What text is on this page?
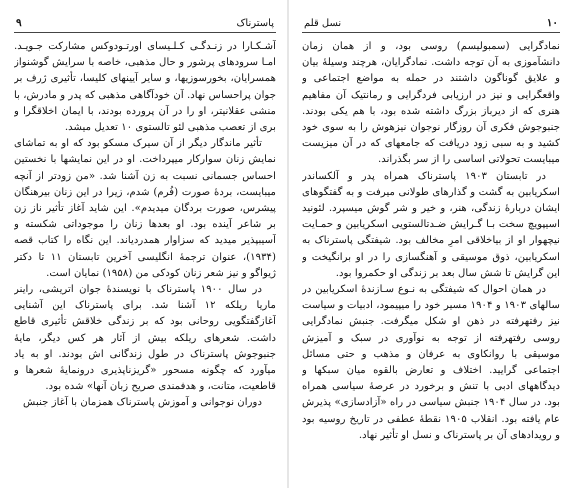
پاسترناک
۹

آشـکـارا در زنـدگـی کـلـیسای اورتـودوکس مشارکت جـویـد. امـا سرودهای پرشور و حال مذهبی، خاصه با سرایش گوشنواز همسرایان، بخورسوزیها، و سایر آیینهای کلیسا، تأثیری ژرف بر جوان پراحساس نهاد. آن خودآگاهی مذهبی که پدر و مادرش، با منشی عقلانیتر، او را در آن پرورده بودند، با ایمان اخلاقگرا و بری از تعصب مذهبی لئو تالستوی ۱۰ تعدیل میشد.

تأثیر ماندگار دیگر از آن سیرک مسکو بود که او به تماشای نمایش زنان سوارکار میپرداخت. او در این نمایشها با نخستین احساس جسمانی نسبت به زن آشنا شد. «من زودتر از آنچه میبایست، بردهٔ صورت (فُرم) شدم، زیرا در این زنان بیرهنگان پیشرس، صورت بردگان میدیدم». این شاید آغاز تأثیر ناز زن بر شاعر آینده بود. او بعدها زنان را موجوداتی شکسته و آسیبپذیر میدید که سزاوار همدردیاند. این نگاه را کتاب قصه (۱۹۳۴)، عنوان ترجمهٔ انگلیسی آخرین تابستان ۱۱ تا دکتر ژیواگو و نیز شعر زنان کودکی من (۱۹۵۸) نمایان است.

در سال ۱۹۰۰ پاسترناک با نویسندهٔ جوان اتریشی، راینر ماریا ریلکه ۱۲ آشنا شد. برای پاسترناک این آشنایی آغازگفتگویی روحانی بود که بر زندگی خلاقش تأثیری قاطع داشت. شعرهای ریلکه بیش از آثار هر کس دیگر، مایهٔ جنبوجوش پاسترناک در طول زندگانی اش بودند. او به یاد میآورد که چگونه مسحور «گریزناپذیری درونمایهٔ شعرها و قاطعیت، متانت، و هدفمندی صریح زبان آنها» شده بود.

دوران نوجوانی و آموزش پاسترناک همزمان با آغاز جنبش

۱۰
نسل قلم

نمادگرایی (سمبولیسم) روسی بود، و از همان زمان دانشآموزی به آن توجه داشت. نمادگرایان، هرچند وسیلهٔ بیان و علایق گوناگون داشتند در حمله به مواضع اجتماعی و واقعگرایی و نیز در ارزیابی فردگرایی و رمانتیک آن مفاهیم هنری که از دیرباز بزرگ داشته شده بود، با هم یکی بودند. جنبوجوش فکری آن روزگار نوجوان نیزهوش را به سوی خود کشید و به سبی زود دریافت که جامعهای که در آن میزیست میبایست تحولاتی اساسی را از سر بگذراند.

در تابستان ۱۹۰۳ پاسترناک همراه پدر و آلکساندر اسکریابین به گشت و گذارهای طولانی میرفت و به گفتگوهای ایشان دربارهٔ زندگی، هنر، و خیر و شر گوش میسپرد. لئونید اسیپویچ سخت بـا گـرایش ضـدتالستویی اسکریابین و حمـایت نیچهوار او از بیاخلاقی امرِ مخالف بود. شیفتگی پاسترناک به اسکریابین، ذوق موسیقی و آهنگسازی را در او برانگیخت و این گرایش تا شش سال بعد بر زندگی او حکمروا بود.

در همان احوال که شیفتگی به نـوع سـازندهٔ اسکریابین در سالهای ۱۹۰۳ و ۱۹۰۴ مسیر خود را میپیمود، ادبیات و سیاست نیز رفتهرفته در ذهن او شکل میگرفت. جنبش نمادگرایی روسی رفتهرفته از توجه به نوآوری در سبک و آمیزش موسیقی با روانکاوی به عرفان و مذهب و حتی مسائل اجتماعی گرایید. اختلاف و تعارض بالقوه میان سبکها و دیدگاههای ادبی با تنش و برخورد در عرصهٔ سیاسی همراه بود. در سال ۱۹۰۴ جنبش سیاسی در راه «آزادسازی» پذیرش عام یافته بود. انقلاب ۱۹۰۵ نقطهٔ عطفی در تاریخ روسیه بود و رویدادهای آن بر پاسترناک و نسل او تأثیر نهاد.
